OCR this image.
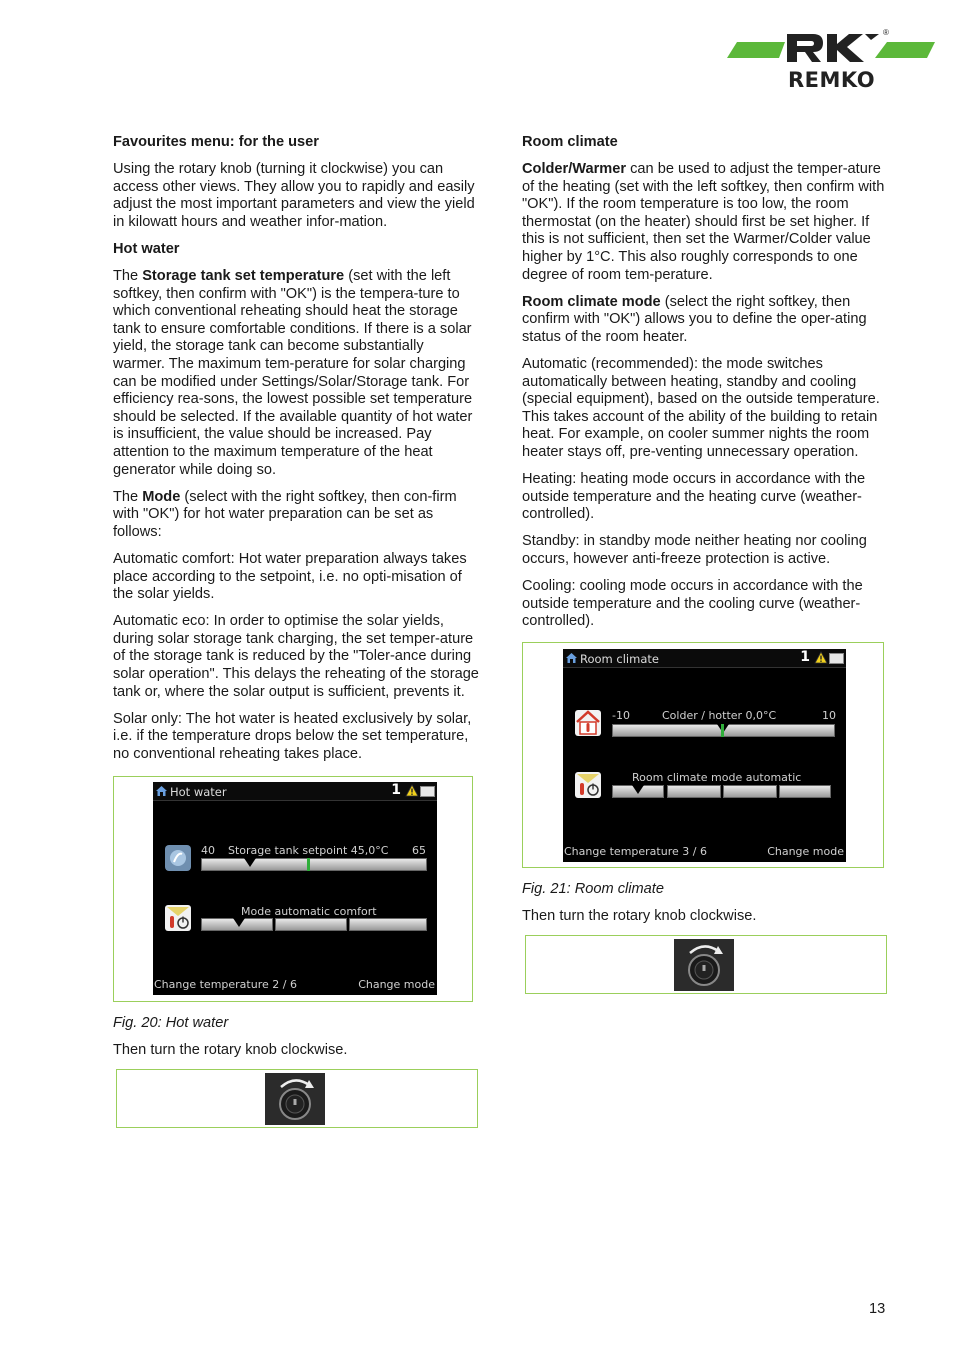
REMKO
®

Favourites menu: for the user

Using the rotary knob (turning it clockwise) you can access other views. They allow you to rapidly and easily adjust the most important parameters and view the yield in kilowatt hours and weather infor-mation.

Hot water

The Storage tank set temperature (set with the left softkey, then confirm with "OK") is the tempera-ture to which conventional reheating should heat the storage tank to ensure comfortable conditions. If there is a solar yield, the storage tank can become substantially warmer. The maximum tem-perature for solar charging can be modified under Settings/Solar/Storage tank. For efficiency rea-sons, the lowest possible set temperature should be selected. If the available quantity of hot water is insufficient, the value should be increased. Pay attention to the maximum temperature of the heat generator while doing so.

The Mode (select with the right softkey, then con-firm with "OK") for hot water preparation can be set as follows:

Automatic comfort: Hot water preparation always takes place according to the setpoint, i.e. no opti-misation of the solar yields.

Automatic eco: In order to optimise the solar yields, during solar storage tank charging, the set temper-ature of the storage tank is reduced by the "Toler-ance during solar operation". This delays the reheating of the storage tank or, where the solar output is sufficient, prevents it.

Solar only: The hot water is heated exclusively by solar, i.e. if the temperature drops below the set temperature, no conventional reheating takes place.

Hot water	1
40 Storage tank setpoint 45,0°C 65
Mode automatic comfort
Change temperature 2 / 6	Change mode

Fig. 20: Hot water

Then turn the rotary knob clockwise.

Room climate

Colder/Warmer can be used to adjust the temper-ature of the heating (set with the left softkey, then confirm with "OK"). If the room temperature is too low, the room thermostat (on the heater) should first be set higher. If this is not sufficient, then set the Warmer/Colder value higher by 1°C. This also roughly corresponds to one degree of room tem-perature.

Room climate mode (select the right softkey, then confirm with "OK") allows you to define the oper-ating status of the room heater.

Automatic (recommended): the mode switches automatically between heating, standby and cooling (special equipment), based on the outside temperature. This takes account of the ability of the building to retain heat. For example, on cooler summer nights the room heater stays off, pre-venting unnecessary operation.

Heating: heating mode occurs in accordance with the outside temperature and the heating curve (weather-controlled).

Standby: in standby mode neither heating nor cooling occurs, however anti-freeze protection is active.

Cooling: cooling mode occurs in accordance with the outside temperature and the cooling curve (weather-controlled).

Room climate	1
-10	Colder / hotter 0,0°C	10
Room climate mode automatic
Change temperature 3 / 6	Change mode

Fig. 21: Room climate

Then turn the rotary knob clockwise.

13
